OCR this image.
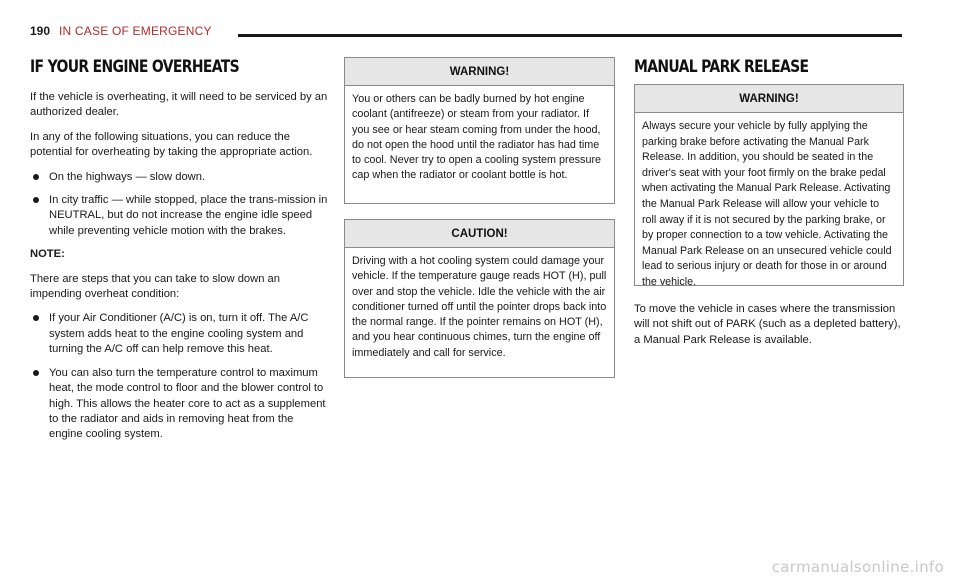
190 IN CASE OF EMERGENCY
IF YOUR ENGINE OVERHEATS

If the vehicle is overheating, it will need to be serviced by an authorized dealer.

In any of the following situations, you can reduce the potential for overheating by taking the appropriate action.

On the highways — slow down.
In city traffic — while stopped, place the trans-mission in NEUTRAL, but do not increase the engine idle speed while preventing vehicle motion with the brakes.

NOTE:

There are steps that you can take to slow down an impending overheat condition:

If your Air Conditioner (A/C) is on, turn it off. The A/C system adds heat to the engine cooling system and turning the A/C off can help remove this heat.
You can also turn the temperature control to maximum heat, the mode control to floor and the blower control to high. This allows the heater core to act as a supplement to the radiator and aids in removing heat from the engine cooling system.
WARNING!
You or others can be badly burned by hot engine coolant (antifreeze) or steam from your radiator. If you see or hear steam coming from under the hood, do not open the hood until the radiator has had time to cool. Never try to open a cooling system pressure cap when the radiator or coolant bottle is hot.
CAUTION!
Driving with a hot cooling system could damage your vehicle. If the temperature gauge reads HOT (H), pull over and stop the vehicle. Idle the vehicle with the air conditioner turned off until the pointer drops back into the normal range. If the pointer remains on HOT (H), and you hear continuous chimes, turn the engine off immediately and call for service.
MANUAL PARK RELEASE
WARNING!
Always secure your vehicle by fully applying the parking brake before activating the Manual Park Release. In addition, you should be seated in the driver's seat with your foot firmly on the brake pedal when activating the Manual Park Release. Activating the Manual Park Release will allow your vehicle to roll away if it is not secured by the parking brake, or by proper connection to a tow vehicle. Activating the Manual Park Release on an unsecured vehicle could lead to serious injury or death for those in or around the vehicle.

To move the vehicle in cases where the transmission will not shift out of PARK (such as a depleted battery), a Manual Park Release is available.

carmanualsonline.info
